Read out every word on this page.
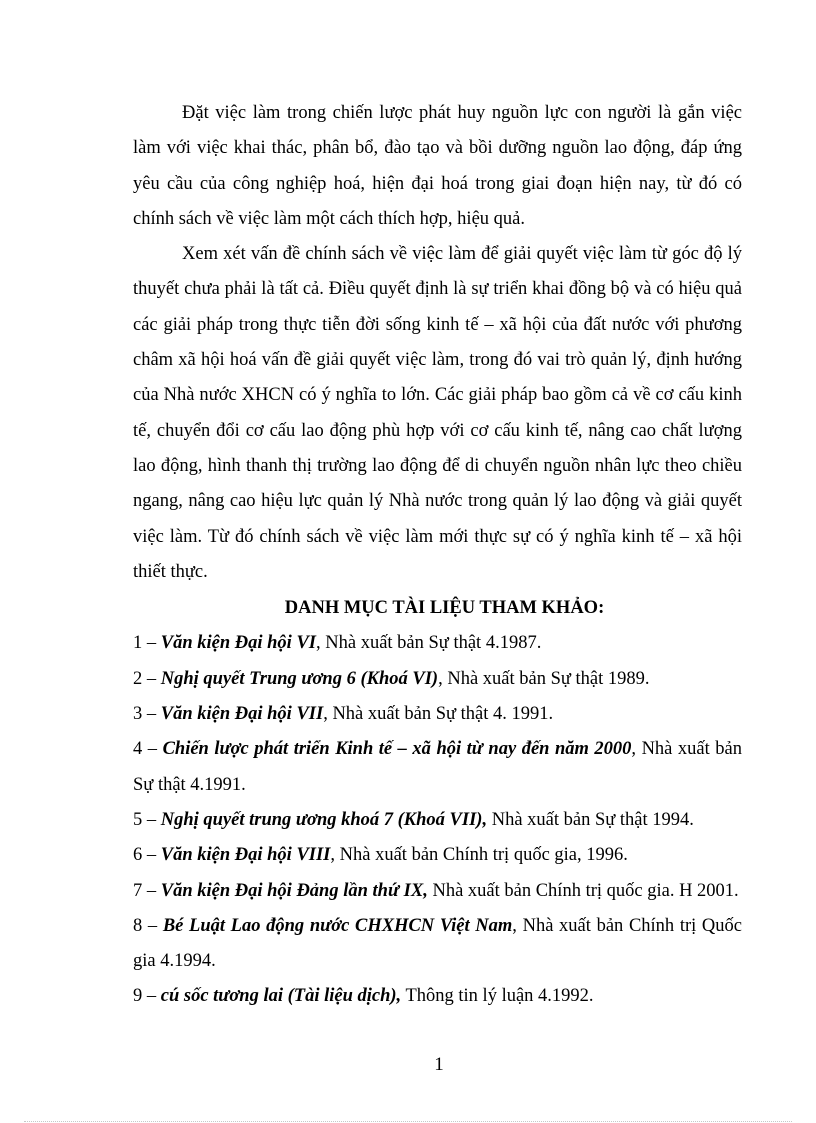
Đặt việc làm trong chiến lược phát huy nguồn lực con người là gắn việc làm với việc khai thác, phân bổ, đào tạo và bồi dưỡng nguồn lao động, đáp ứng yêu cầu của công nghiệp hoá, hiện đại hoá trong giai đoạn hiện nay, từ đó có chính sách về việc làm một cách thích hợp, hiệu quả.

Xem xét vấn đề chính sách về việc làm để giải quyết việc làm từ góc độ lý thuyết chưa phải là tất cả. Điều quyết định là sự triển khai đồng bộ và có hiệu quả các giải pháp trong thực tiễn đời sống kinh tế – xã hội của đất nước với phương châm xã hội hoá vấn đề giải quyết việc làm, trong đó vai trò quản lý, định hướng của Nhà nước XHCN có ý nghĩa to lớn. Các giải pháp bao gồm cả về cơ cấu kinh tế, chuyển đổi cơ cấu lao động phù hợp với cơ cấu kinh tế, nâng cao chất lượng lao động, hình thanh thị trường lao động để di chuyển nguồn nhân lực theo chiều ngang, nâng cao hiệu lực quản lý Nhà nước trong quản lý lao động và giải quyết việc làm. Từ đó chính sách về việc làm mới thực sự có ý nghĩa kinh tế – xã hội thiết thực.

DANH MỤC TÀI LIỆU THAM KHẢO:

1 – Văn kiện Đại hội VI, Nhà xuất bản Sự thật 4.1987.

2 – Nghị quyết Trung ương 6 (Khoá VI), Nhà xuất bản Sự thật 1989.

3 – Văn kiện Đại hội VII, Nhà xuất bản Sự thật 4. 1991.

4 – Chiến lược phát triển Kinh tế – xã hội từ nay đến năm 2000, Nhà xuất bản Sự thật 4.1991.

5 – Nghị quyết trung ương khoá 7 (Khoá VII), Nhà xuất bản Sự thật 1994.

6 – Văn kiện Đại hội VIII, Nhà xuất bản Chính trị quốc gia, 1996.

7 – Văn kiện Đại hội Đảng lần thứ IX, Nhà xuất bản Chính trị quốc gia. H 2001.

8 – Bé Luật Lao động nước CHXHCN Việt Nam, Nhà xuất bản Chính trị Quốc gia 4.1994.

9 – cú sốc tương lai (Tài liệu dịch), Thông tin lý luận 4.1992.

1
